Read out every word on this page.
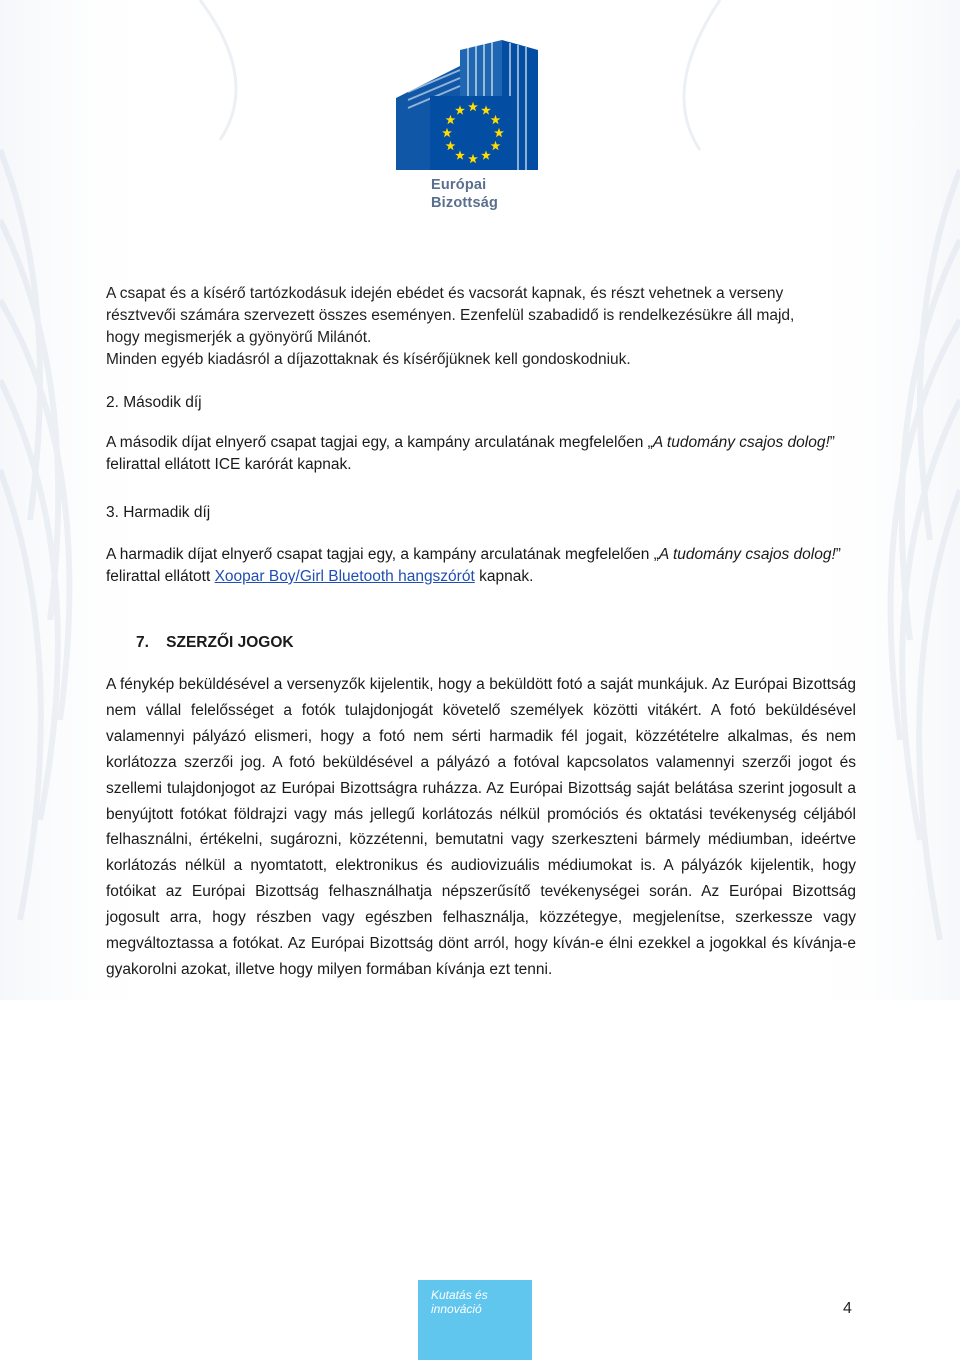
Európai
Bizottság
A csapat és a kísérő tartózkodásuk idején ebédet és vacsorát kapnak, és részt vehetnek a verseny
résztvevői számára szervezett összes eseményen. Ezenfelül szabadidő is rendelkezésükre áll majd,
hogy megismerjék a gyönyörű Milánót.
Minden egyéb kiadásról a díjazottaknak és kísérőjüknek kell gondoskodniuk.
2. Második díj
A második díjat elnyerő csapat tagjai egy, a kampány arculatának megfelelően „A tudomány csajos dolog!” felirattal ellátott ICE karórát kapnak.
3. Harmadik díj
A harmadik díjat elnyerő csapat tagjai egy, a kampány arculatának megfelelően „A tudomány csajos dolog!” felirattal ellátott Xoopar Boy/Girl Bluetooth hangszórót kapnak.
7.    SZERZŐI JOGOK
A fénykép beküldésével a versenyzők kijelentik, hogy a beküldött fotó a saját munkájuk. Az Európai Bizottság nem vállal felelősséget a fotók tulajdonjogát követelő személyek közötti vitákért. A fotó beküldésével valamennyi pályázó elismeri, hogy a fotó nem sérti harmadik fél jogait, közzétételre alkalmas, és nem korlátozza szerzői jog. A fotó beküldésével a pályázó a fotóval kapcsolatos valamennyi szerzői jogot és szellemi tulajdonjogot az Európai Bizottságra ruházza. Az Európai Bizottság saját belátása szerint jogosult a benyújtott fotókat földrajzi vagy más jellegű korlátozás nélkül promóciós és oktatási tevékenység céljából felhasználni, értékelni, sugározni, közzétenni, bemutatni vagy szerkeszteni bármely médiumban, ideértve korlátozás nélkül a nyomtatott, elektronikus és audiovizuális médiumokat is. A pályázók kijelentik, hogy fotóikat az Európai Bizottság felhasználhatja népszerűsítő tevékenységei során. Az Európai Bizottság jogosult arra, hogy részben vagy egészben felhasználja, közzétegye, megjelenítse, szerkessze vagy megváltoztassa a fotókat. Az Európai Bizottság dönt arról, hogy kíván-e élni ezekkel a jogokkal és kívánja-e gyakorolni azokat, illetve hogy milyen formában kívánja ezt tenni.
Kutatás és
innováció	4
